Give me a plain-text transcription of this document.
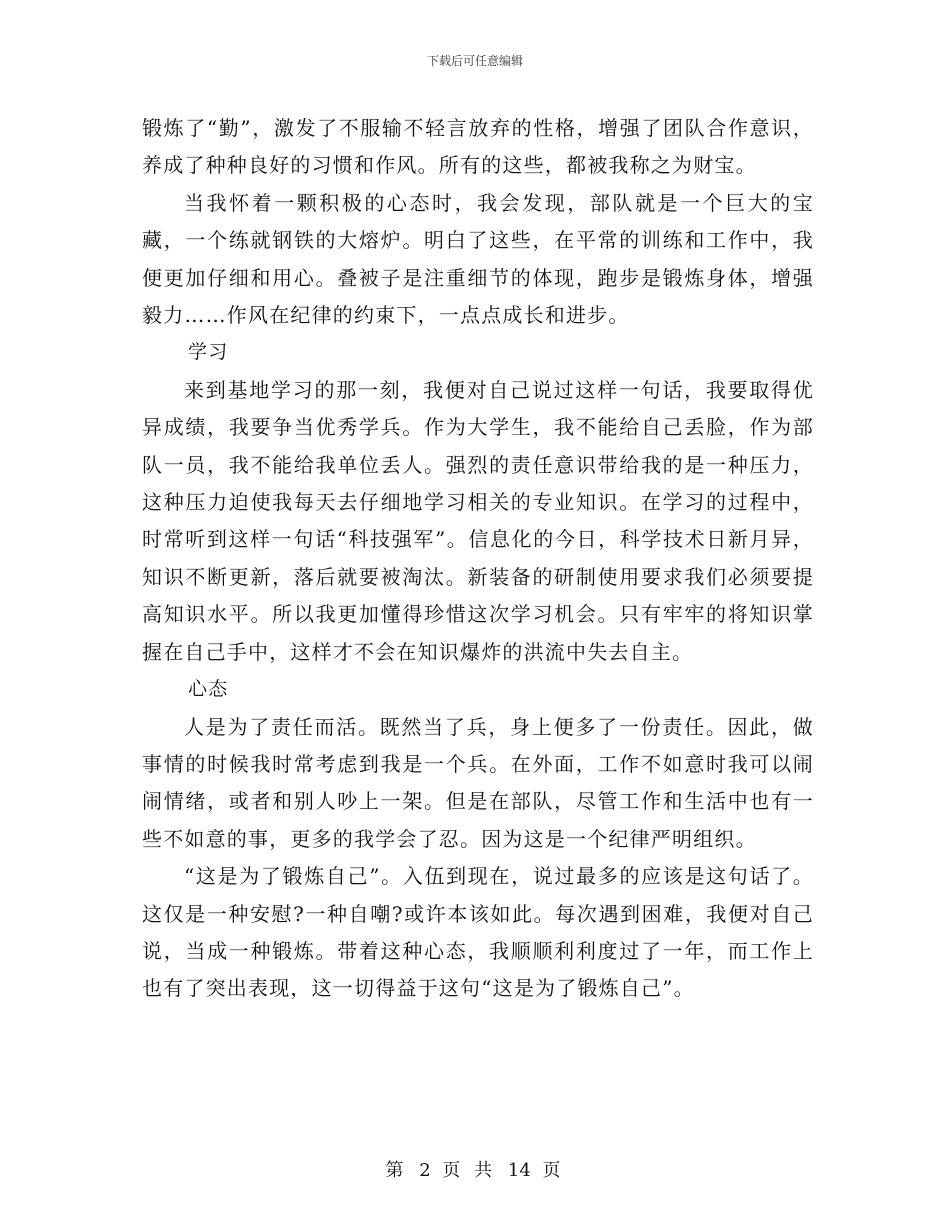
下载后可任意编辑

锻炼了“勤”，激发了不服输不轻言放弃的性格，增强了团队合作意识，养成了种种良好的习惯和作风。所有的这些，都被我称之为财宝。

当我怀着一颗积极的心态时，我会发现，部队就是一个巨大的宝藏，一个练就钢铁的大熔炉。明白了这些，在平常的训练和工作中，我便更加仔细和用心。叠被子是注重细节的体现，跑步是锻炼身体，增强毅力……作风在纪律的约束下，一点点成长和进步。

学习

来到基地学习的那一刻，我便对自己说过这样一句话，我要取得优异成绩，我要争当优秀学兵。作为大学生，我不能给自己丢脸，作为部队一员，我不能给我单位丢人。强烈的责任意识带给我的是一种压力，这种压力迫使我每天去仔细地学习相关的专业知识。在学习的过程中，时常听到这样一句话“科技强军”。信息化的今日，科学技术日新月异，知识不断更新，落后就要被淘汰。新装备的研制使用要求我们必须要提高知识水平。所以我更加懂得珍惜这次学习机会。只有牢牢的将知识掌握在自己手中，这样才不会在知识爆炸的洪流中失去自主。

心态

人是为了责任而活。既然当了兵，身上便多了一份责任。因此，做事情的时候我时常考虑到我是一个兵。在外面，工作不如意时我可以闹闹情绪，或者和别人吵上一架。但是在部队，尽管工作和生活中也有一些不如意的事，更多的我学会了忍。因为这是一个纪律严明组织。

“这是为了锻炼自己”。入伍到现在，说过最多的应该是这句话了。这仅是一种安慰?一种自嘲?或许本该如此。每次遇到困难，我便对自己说，当成一种锻炼。带着这种心态，我顺顺利利度过了一年，而工作上也有了突出表现，这一切得益于这句“这是为了锻炼自己”。

第 2 页 共 14 页
